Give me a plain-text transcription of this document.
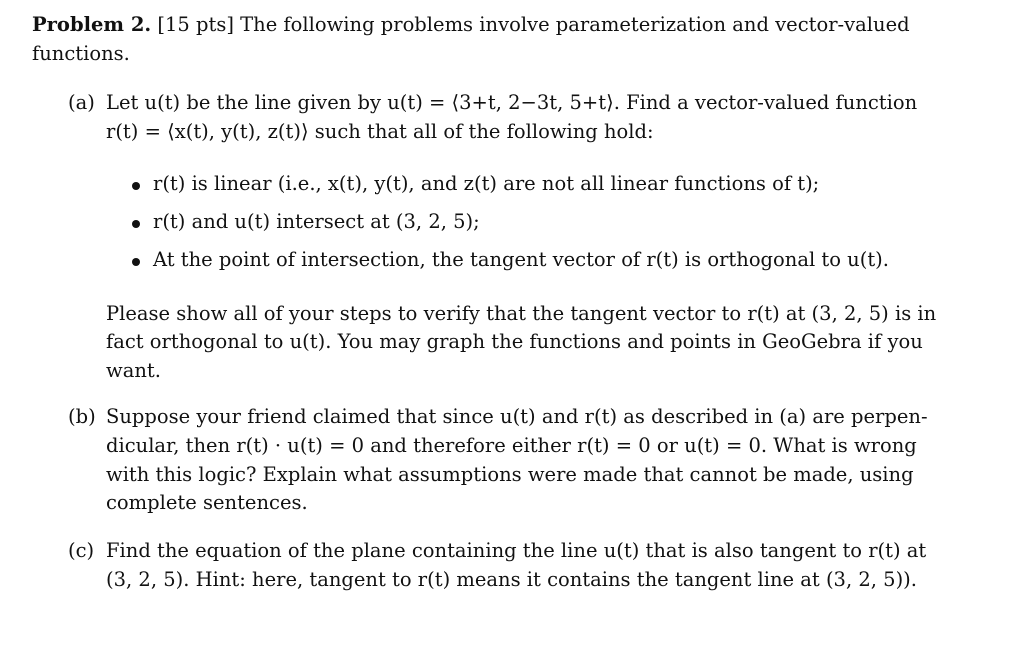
Problem 2. [15 pts] The following problems involve parameterization and vector-valued
functions.
(a) Let u(t) be the line given by u(t) = ⟨3+t, 2−3t, 5+t⟩. Find a vector-valued function
r(t) = ⟨x(t), y(t), z(t)⟩ such that all of the following hold:
r(t) is linear (i.e., x(t), y(t), and z(t) are not all linear functions of t);
r(t) and u(t) intersect at (3, 2, 5);
At the point of intersection, the tangent vector of r(t) is orthogonal to u(t).
Please show all of your steps to verify that the tangent vector to r(t) at (3, 2, 5) is in
fact orthogonal to u(t). You may graph the functions and points in GeoGebra if you
want.
(b) Suppose your friend claimed that since u(t) and r(t) as described in (a) are perpen-
dicular, then r(t) · u(t) = 0 and therefore either r(t) = 0 or u(t) = 0. What is wrong
with this logic? Explain what assumptions were made that cannot be made, using
complete sentences.
(c) Find the equation of the plane containing the line u(t) that is also tangent to r(t) at
(3, 2, 5). Hint: here, tangent to r(t) means it contains the tangent line at (3, 2, 5)).
